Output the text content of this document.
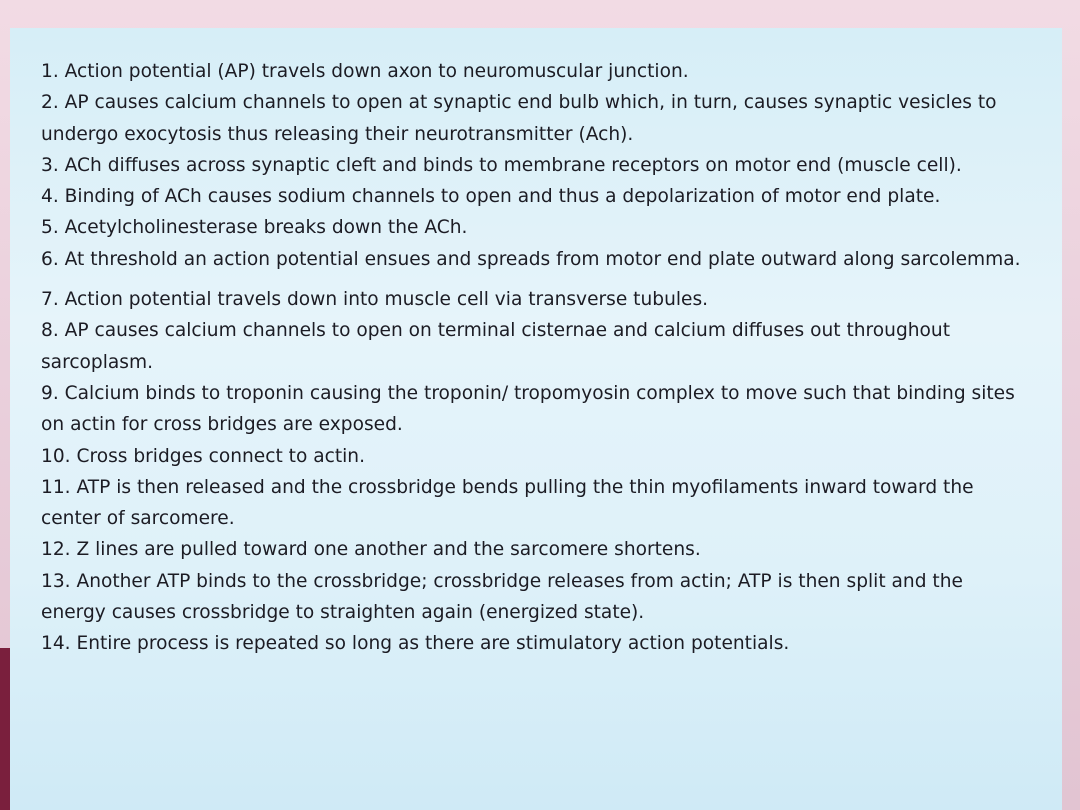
1. Action potential (AP) travels down axon to neuromuscular junction.
2. AP causes calcium channels to open at synaptic end bulb which, in turn, causes synaptic vesicles to undergo exocytosis thus releasing their neurotransmitter (Ach).
3. ACh diffuses across synaptic cleft and binds to membrane receptors on motor end (muscle cell).
4. Binding of ACh causes sodium channels to open and thus a depolarization of motor end plate.
5. Acetylcholinesterase breaks down the ACh.
6. At threshold an action potential ensues and spreads from motor end plate outward along sarcolemma.
7. Action potential travels down into muscle cell via transverse tubules.
8. AP causes calcium channels to open on terminal cisternae and calcium diffuses out throughout sarcoplasm.
9. Calcium binds to troponin causing the troponin/ tropomyosin complex to move such that binding sites on actin for cross bridges are exposed.
10. Cross bridges connect to actin.
11. ATP is then released and the crossbridge bends pulling the thin myofilaments inward toward the center of sarcomere.
12. Z lines are pulled toward one another and the sarcomere shortens.
13. Another ATP binds to the crossbridge; crossbridge releases from actin; ATP is then split and the energy causes crossbridge to straighten again (energized state).
14. Entire process is repeated so long as there are stimulatory action potentials.
